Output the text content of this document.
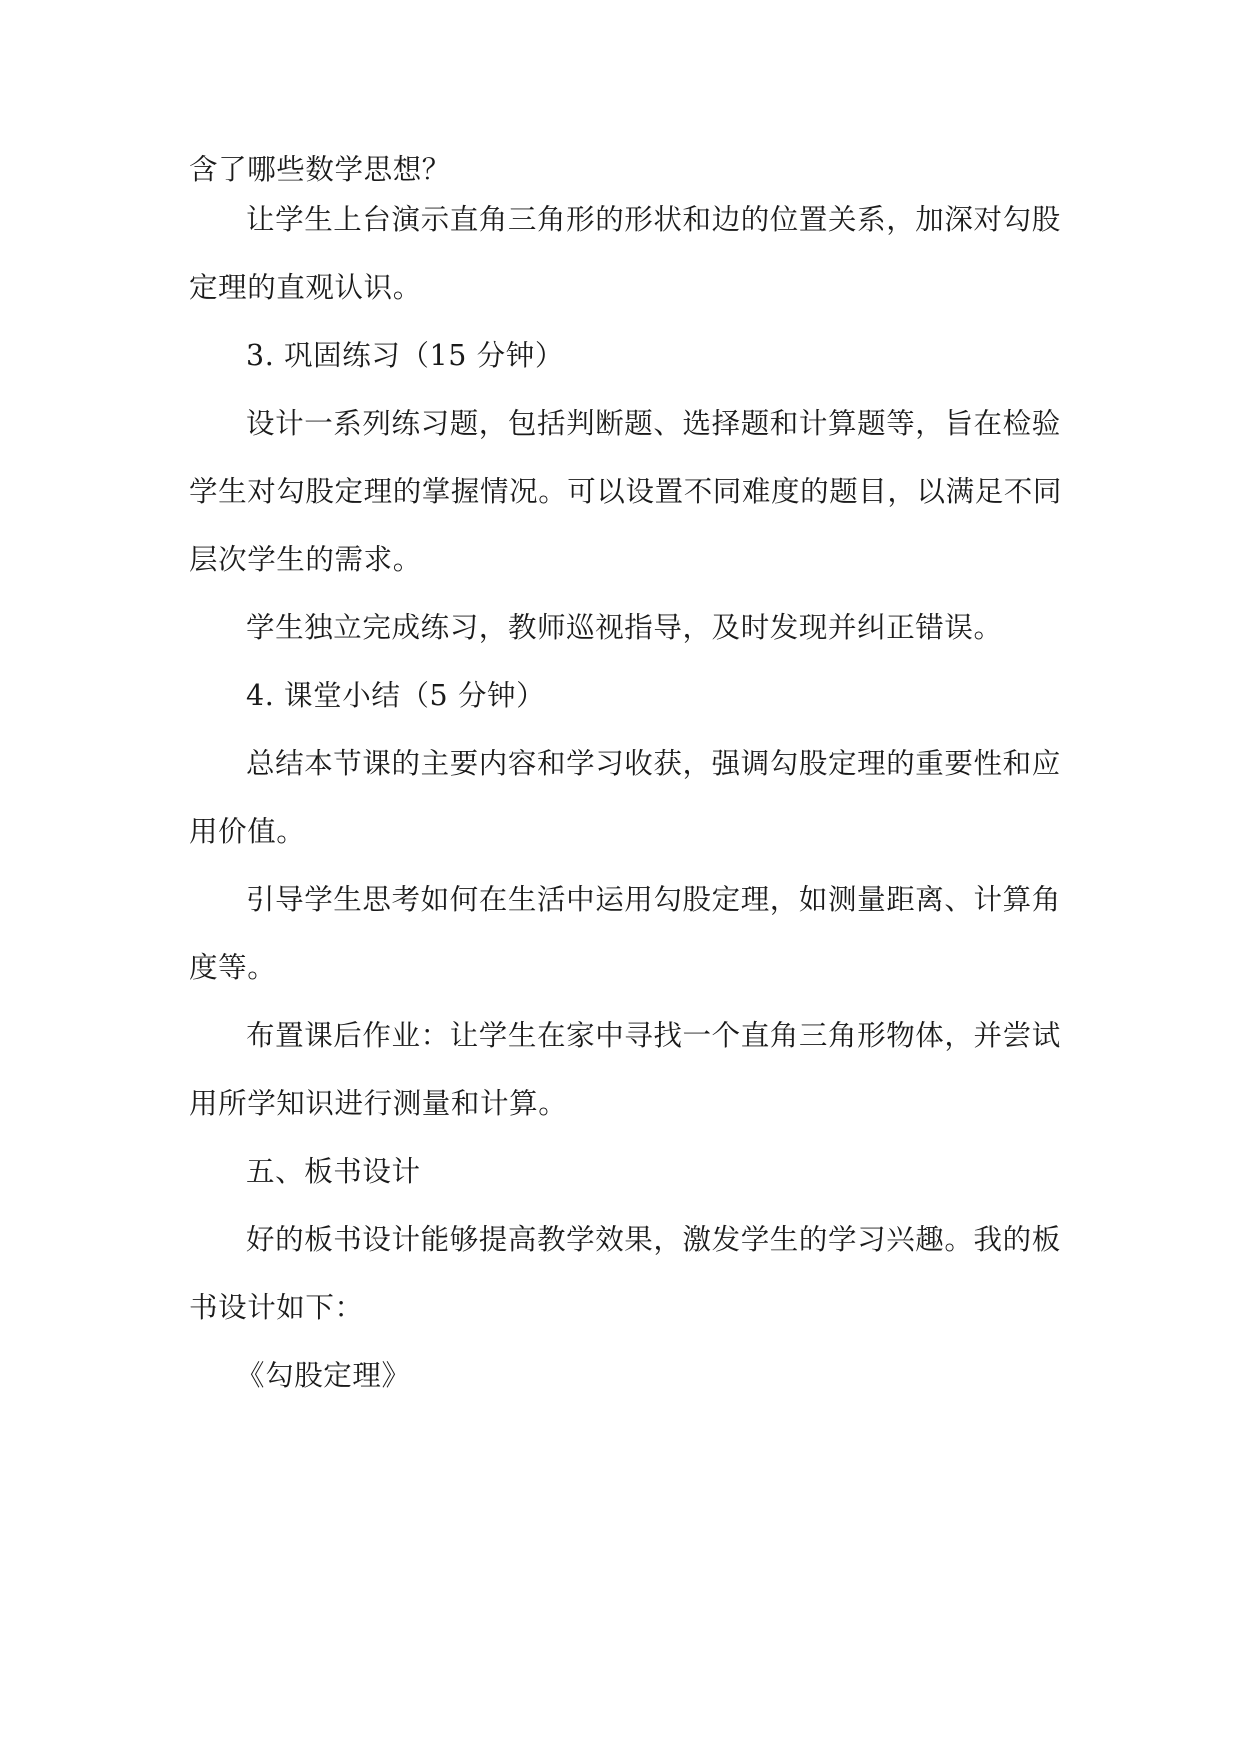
含了哪些数学思想？
让学生上台演示直角三角形的形状和边的位置关系，加深对勾股
定理的直观认识。
3. 巩固练习（15 分钟）
设计一系列练习题，包括判断题、选择题和计算题等，旨在检验
学生对勾股定理的掌握情况。可以设置不同难度的题目，以满足不同
层次学生的需求。
学生独立完成练习，教师巡视指导，及时发现并纠正错误。
4. 课堂小结（5 分钟）
总结本节课的主要内容和学习收获，强调勾股定理的重要性和应
用价值。
引导学生思考如何在生活中运用勾股定理，如测量距离、计算角
度等。
布置课后作业：让学生在家中寻找一个直角三角形物体，并尝试
用所学知识进行测量和计算。
五、板书设计
好的板书设计能够提高教学效果，激发学生的学习兴趣。我的板
书设计如下：
《勾股定理》
